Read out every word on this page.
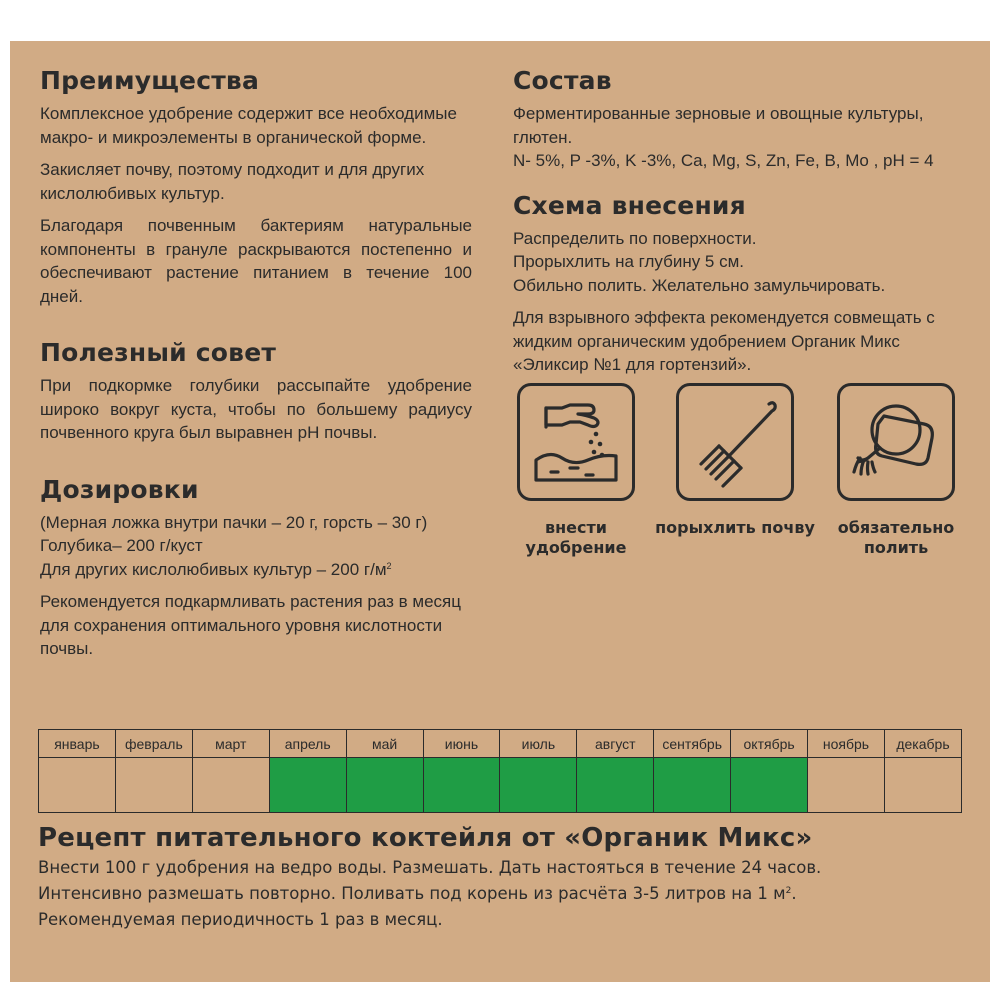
Преимущества

Комплексное удобрение содержит все необходимые макро- и микроэлементы в органической форме.

Закисляет почву, поэтому подходит и для других кислолюбивых культур.

Благодаря почвенным бактериям натуральные компоненты в грануле раскрываются постепенно и обеспечивают растение питанием в течение 100 дней.

Полезный совет

При подкормке голубики рассыпайте удобрение широко вокруг куста, чтобы по большему радиусу почвенного круга был выравнен pH почвы.

Дозировки

(Мерная ложка внутри пачки – 20 г, горсть – 30 г)

Голубика– 200 г/куст

Для других кислолюбивых культур – 200 $г/м^2$

Рекомендуется подкармливать растения раз в месяц для сохранения оптимального уровня кислотности почвы.

Состав

Ферментированные зерновые и овощные культуры, глютен.

N- 5%, P -3%, K -3%, Ca, Mg, S, Zn, Fe, B, Mo , pH = 4

Схема внесения

Распределить по поверхности.

Прорыхлить на глубину 5 см.

Обильно полить. Желательно замульчировать.

Для взрывного эффекта рекомендуется совмещать с жидким органическим удобрением Органик Микс «Эликсир №1 для гортензий».

внести удобрение
порыхлить почву	обязательно полить
январь	февраль	март	апрель	май	июнь	июль	август	сентябрь	октябрь	ноябрь	декабрь

Рецепт питательного коктейля от «Органик Микс»

Внести 100 г удобрения на ведро воды. Размешать. Дать настояться в течение 24 часов.

Интенсивно размешать повторно. Поливать под корень из расчёта 3-5 литров на 1 $м^2$.

Рекомендуемая периодичность 1 раз в месяц.
